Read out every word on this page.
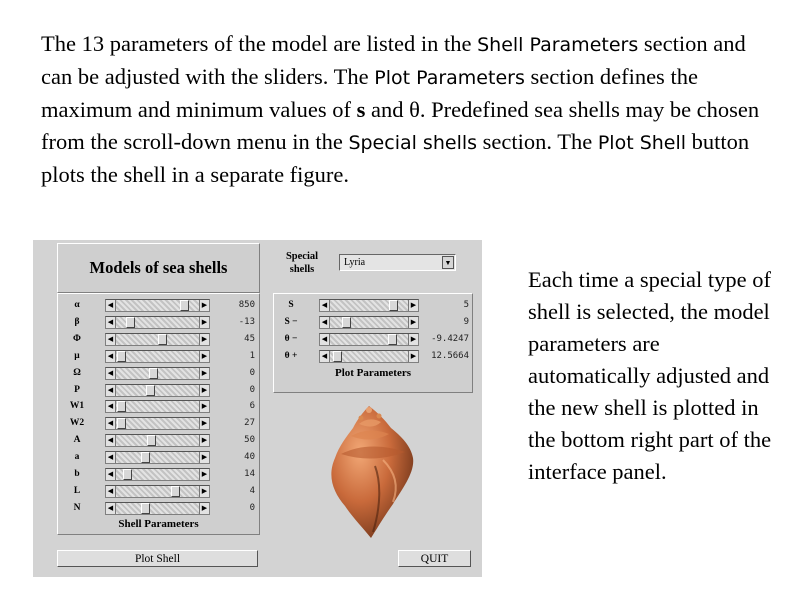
The 13 parameters of the model are listed in the Shell Parameters section and can be adjusted with the sliders. The Plot Parameters section defines the maximum and minimum values of s and θ. Predefined sea shells may be chosen from the scroll-down menu in the Special shells section. The Plot Shell button plots the shell in a separate figure.
Models of sea shells
α	◀	▶	850
β	◀	▶	-13
Φ	◀	▶	45
μ	◀	▶	1
Ω	◀	▶	0
P	◀	▶	0
W1	◀	▶	6
W2	◀	▶	27
A	◀	▶	50
a	◀	▶	40
b	◀	▶	14
L	◀	▶	4
N	◀	▶	0
Shell Parameters
Special shells
Lyria	▼
S	◀	▶	5
S −	◀	▶	9
θ −	◀	▶	-9.4247
θ +	◀	▶	12.5664
Plot Parameters
Plot Shell	QUIT
Each time a special type of shell is selected, the model parameters are automatically adjusted and the new shell is plotted in the bottom right part of the interface panel.
